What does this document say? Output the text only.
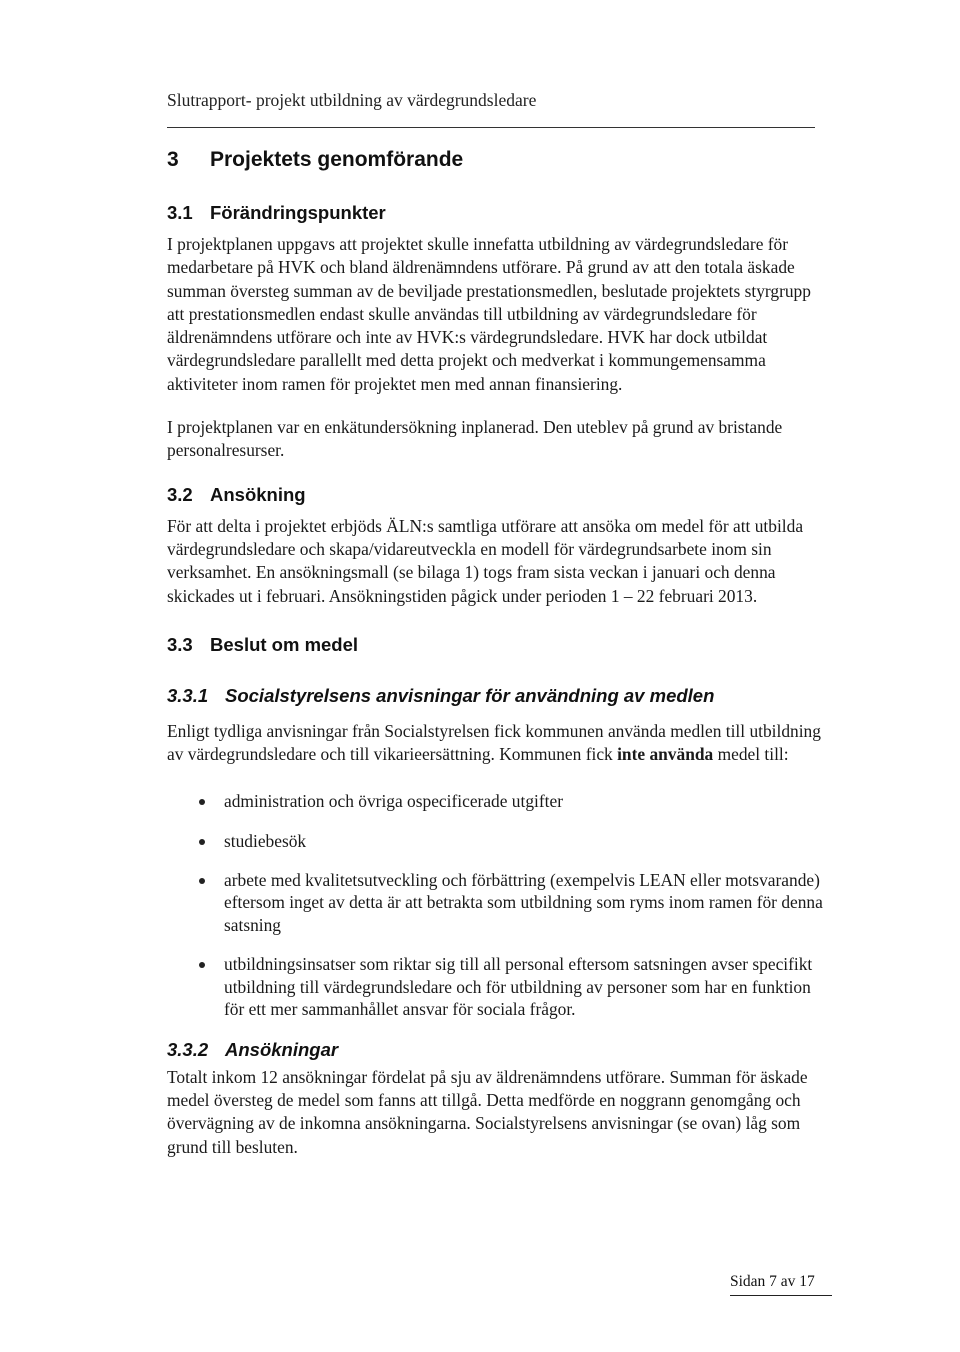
Slutrapport- projekt utbildning av värdegrundsledare
3 Projektets genomförande
3.1 Förändringspunkter

I projektplanen uppgavs att projektet skulle innefatta utbildning av värdegrundsledare för medarbetare på HVK och bland äldrenämndens utförare. På grund av att den totala äskade summan översteg summan av de beviljade prestationsmedlen, beslutade projektets styrgrupp att prestationsmedlen endast skulle användas till utbildning av värdegrundsledare för äldrenämndens utförare och inte av HVK:s värdegrundsledare. HVK har dock utbildat värdegrundsledare parallellt med detta projekt och medverkat i kommungemensamma aktiviteter inom ramen för projektet men med annan finansiering.

I projektplanen var en enkätundersökning inplanerad. Den uteblev på grund av bristande personalresurser.

3.2 Ansökning

För att delta i projektet erbjöds ÄLN:s samtliga utförare att ansöka om medel för att utbilda värdegrundsledare och skapa/vidareutveckla en modell för värdegrundsarbete inom sin verksamhet. En ansökningsmall (se bilaga 1) togs fram sista veckan i januari och denna skickades ut i februari. Ansökningstiden pågick under perioden 1 – 22 februari 2013.

3.3 Beslut om medel
3.3.1 Socialstyrelsens anvisningar för användning av medlen

Enligt tydliga anvisningar från Socialstyrelsen fick kommunen använda medlen till utbildning av värdegrundsledare och till vikarieersättning. Kommunen fick inte använda medel till:

administration och övriga ospecificerade utgifter
studiebesök
arbete med kvalitetsutveckling och förbättring (exempelvis LEAN eller motsvarande) eftersom inget av detta är att betrakta som utbildning som ryms inom ramen för denna satsning
utbildningsinsatser som riktar sig till all personal eftersom satsningen avser specifikt utbildning till värdegrundsledare och för utbildning av personer som har en funktion för ett mer sammanhållet ansvar för sociala frågor.
3.3.2 Ansökningar

Totalt inkom 12 ansökningar fördelat på sju av äldrenämndens utförare. Summan för äskade medel översteg de medel som fanns att tillgå. Detta medförde en noggrann genomgång och övervägning av de inkomna ansökningarna. Socialstyrelsens anvisningar (se ovan) låg som grund till besluten.

Sidan 7 av 17
